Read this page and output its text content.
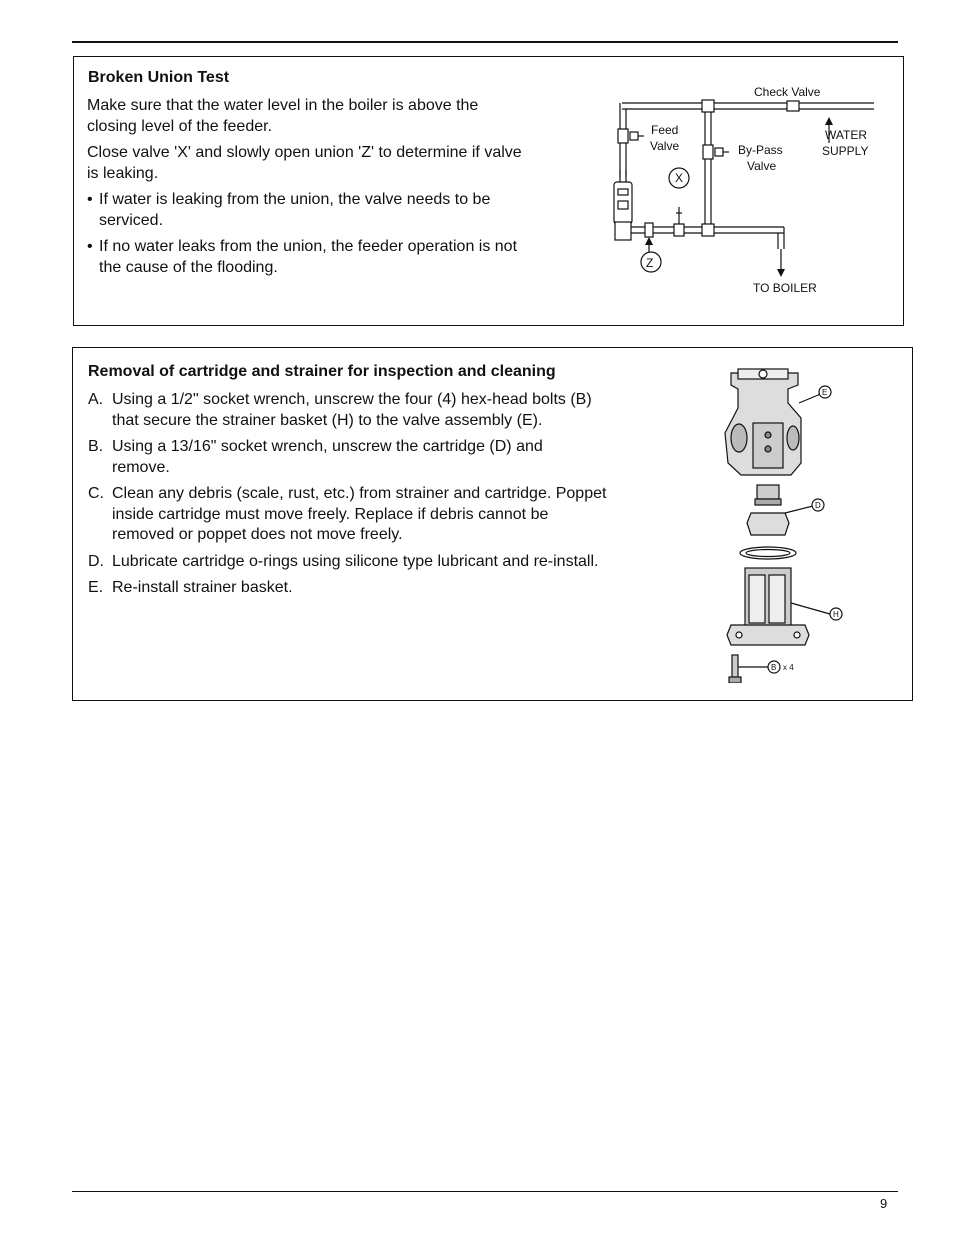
Broken Union Test

Make sure that the water level in the boiler is above the closing level of the feeder.

Close valve 'X' and slowly open union 'Z' to determine if valve is leaking.

• If water is leaking from the union, the valve needs to be serviced.
• If no water leaks from the union, the feeder operation is not the cause of the flooding.
Check Valve
Feed
Valve	By-Pass
Valve
WATER
SUPPLY
TO BOILER
X
Z
Removal of cartridge and strainer for inspection and cleaning
A. Using a 1/2" socket wrench, unscrew the four (4) hex-head bolts (B) that secure the strainer basket (H) to the valve assembly (E).
B. Using a 13/16" socket wrench, unscrew the cartridge (D) and remove.
C. Clean any debris (scale, rust, etc.) from strainer and cartridge. Poppet inside cartridge must move freely. Replace if debris cannot be removed or poppet does not move freely.
D. Lubricate cartridge o-rings using silicone type lubricant and re-install.
E. Re-install strainer basket.
E
D
H
B x 4
9
